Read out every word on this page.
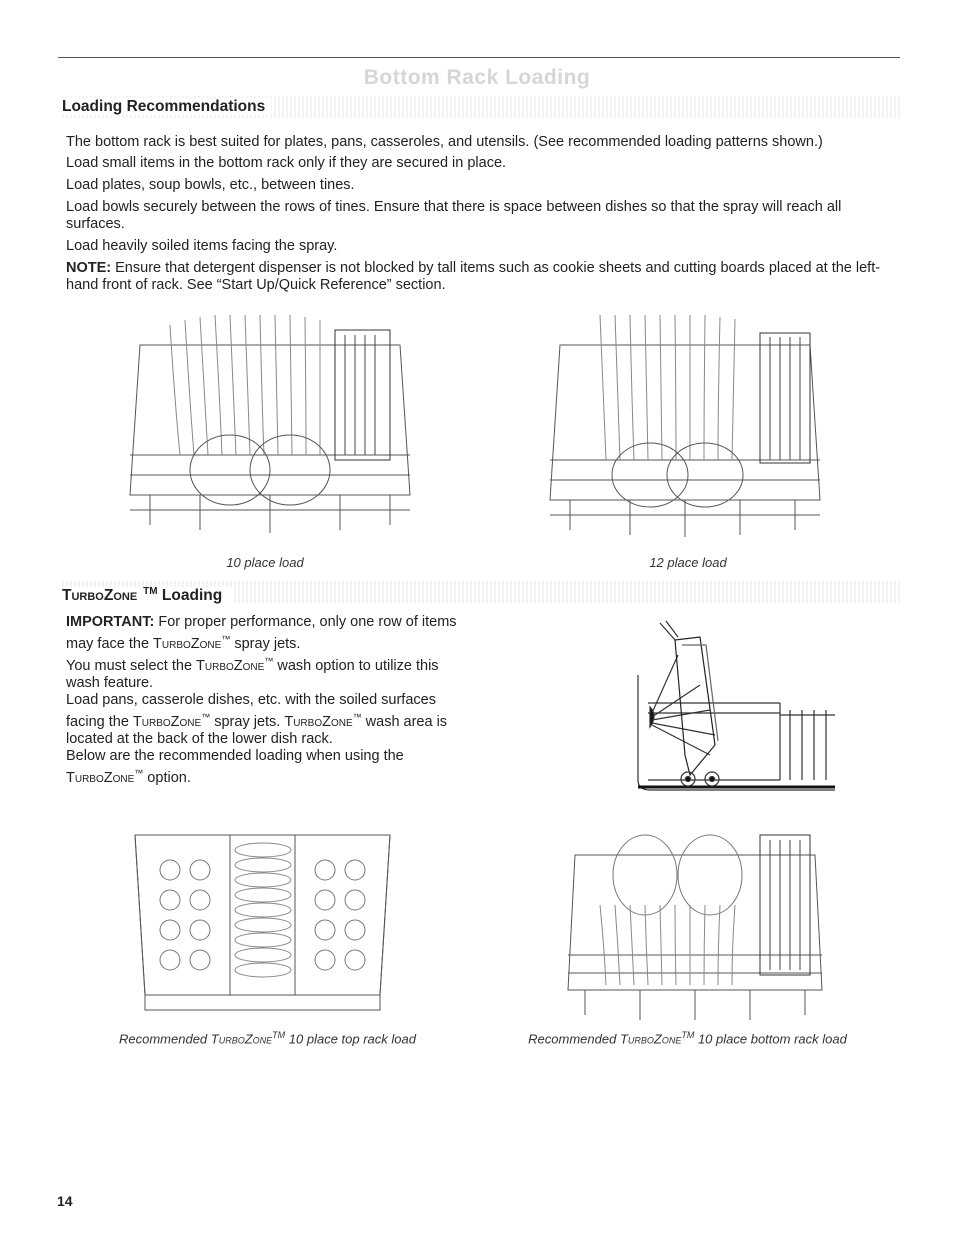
Bottom Rack Loading
Loading Recommendations

The bottom rack is best suited for plates, pans, casseroles, and utensils. (See recommended loading patterns shown.)

Load small items in the bottom rack only if they are secured in place.

Load plates, soup bowls, etc., between tines.

Load bowls securely between the rows of tines. Ensure that there is space between dishes so that the spray will reach all surfaces.

Load heavily soiled items facing the spray.

NOTE: Ensure that detergent dispenser is not blocked by tall items such as cookie sheets and cutting boards placed at the left-hand front of rack. See “Start Up/Quick Reference” section.

10 place load	12 place load
TurboZone ™ Loading

IMPORTANT: For proper performance, only one row of items may face the TurboZone™ spray jets.

You must select the TurboZone™ wash option to utilize this wash feature.

Load pans, casserole dishes, etc. with the soiled surfaces facing the TurboZone™ spray jets. TurboZone™ wash area is located at the back of the lower dish rack.

Below are the recommended loading when using the TurboZone™ option.

Recommended TurboZone™ 10 place top rack load	Recommended TurboZone™ 10 place bottom rack load
14
